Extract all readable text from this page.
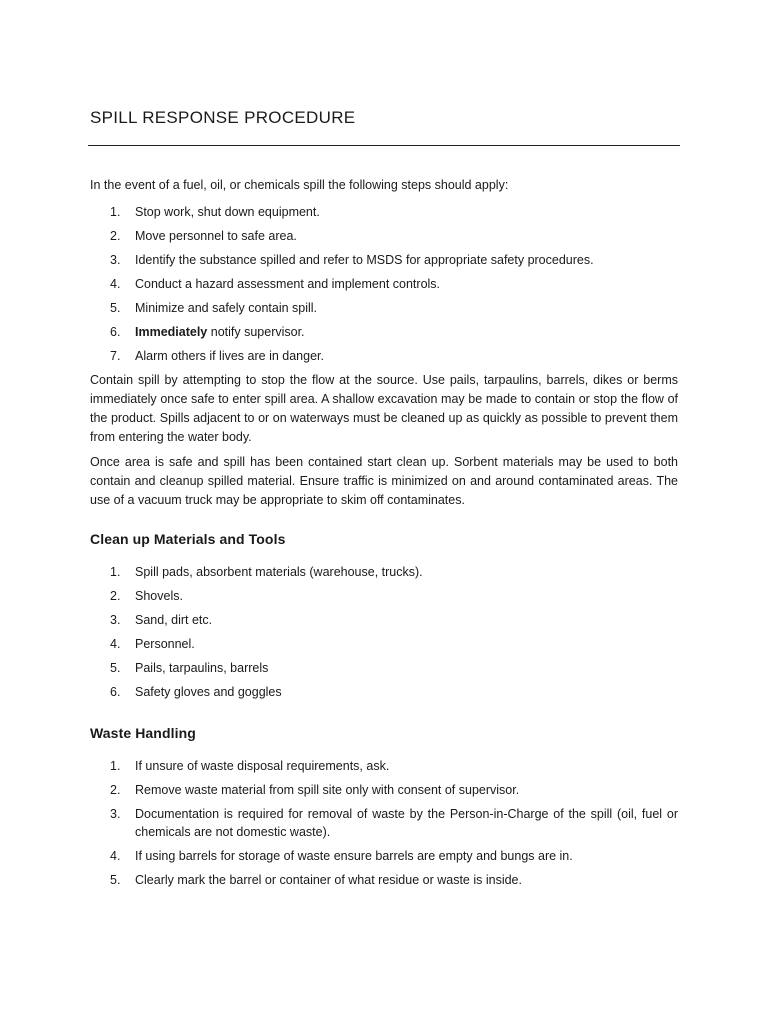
SPILL RESPONSE PROCEDURE

In the event of a fuel, oil, or chemicals spill the following steps should apply:

1. Stop work, shut down equipment.
2. Move personnel to safe area.
3. Identify the substance spilled and refer to MSDS for appropriate safety procedures.
4. Conduct a hazard assessment and implement controls.
5. Minimize and safely contain spill.
6. Immediately notify supervisor.
7. Alarm others if lives are in danger.

Contain spill by attempting to stop the flow at the source. Use pails, tarpaulins, barrels, dikes or berms immediately once safe to enter spill area. A shallow excavation may be made to contain or stop the flow of the product. Spills adjacent to or on waterways must be cleaned up as quickly as possible to prevent them from entering the water body.

Once area is safe and spill has been contained start clean up. Sorbent materials may be used to both contain and cleanup spilled material. Ensure traffic is minimized on and around contaminated areas. The use of a vacuum truck may be appropriate to skim off contaminates.

Clean up Materials and Tools
1. Spill pads, absorbent materials (warehouse, trucks).
2. Shovels.
3. Sand, dirt etc.
4. Personnel.
5. Pails, tarpaulins, barrels
6. Safety gloves and goggles
Waste Handling
1. If unsure of waste disposal requirements, ask.
2. Remove waste material from spill site only with consent of supervisor.
3. Documentation is required for removal of waste by the Person-in-Charge of the spill (oil, fuel or chemicals are not domestic waste).
4. If using barrels for storage of waste ensure barrels are empty and bungs are in.
5. Clearly mark the barrel or container of what residue or waste is inside.
